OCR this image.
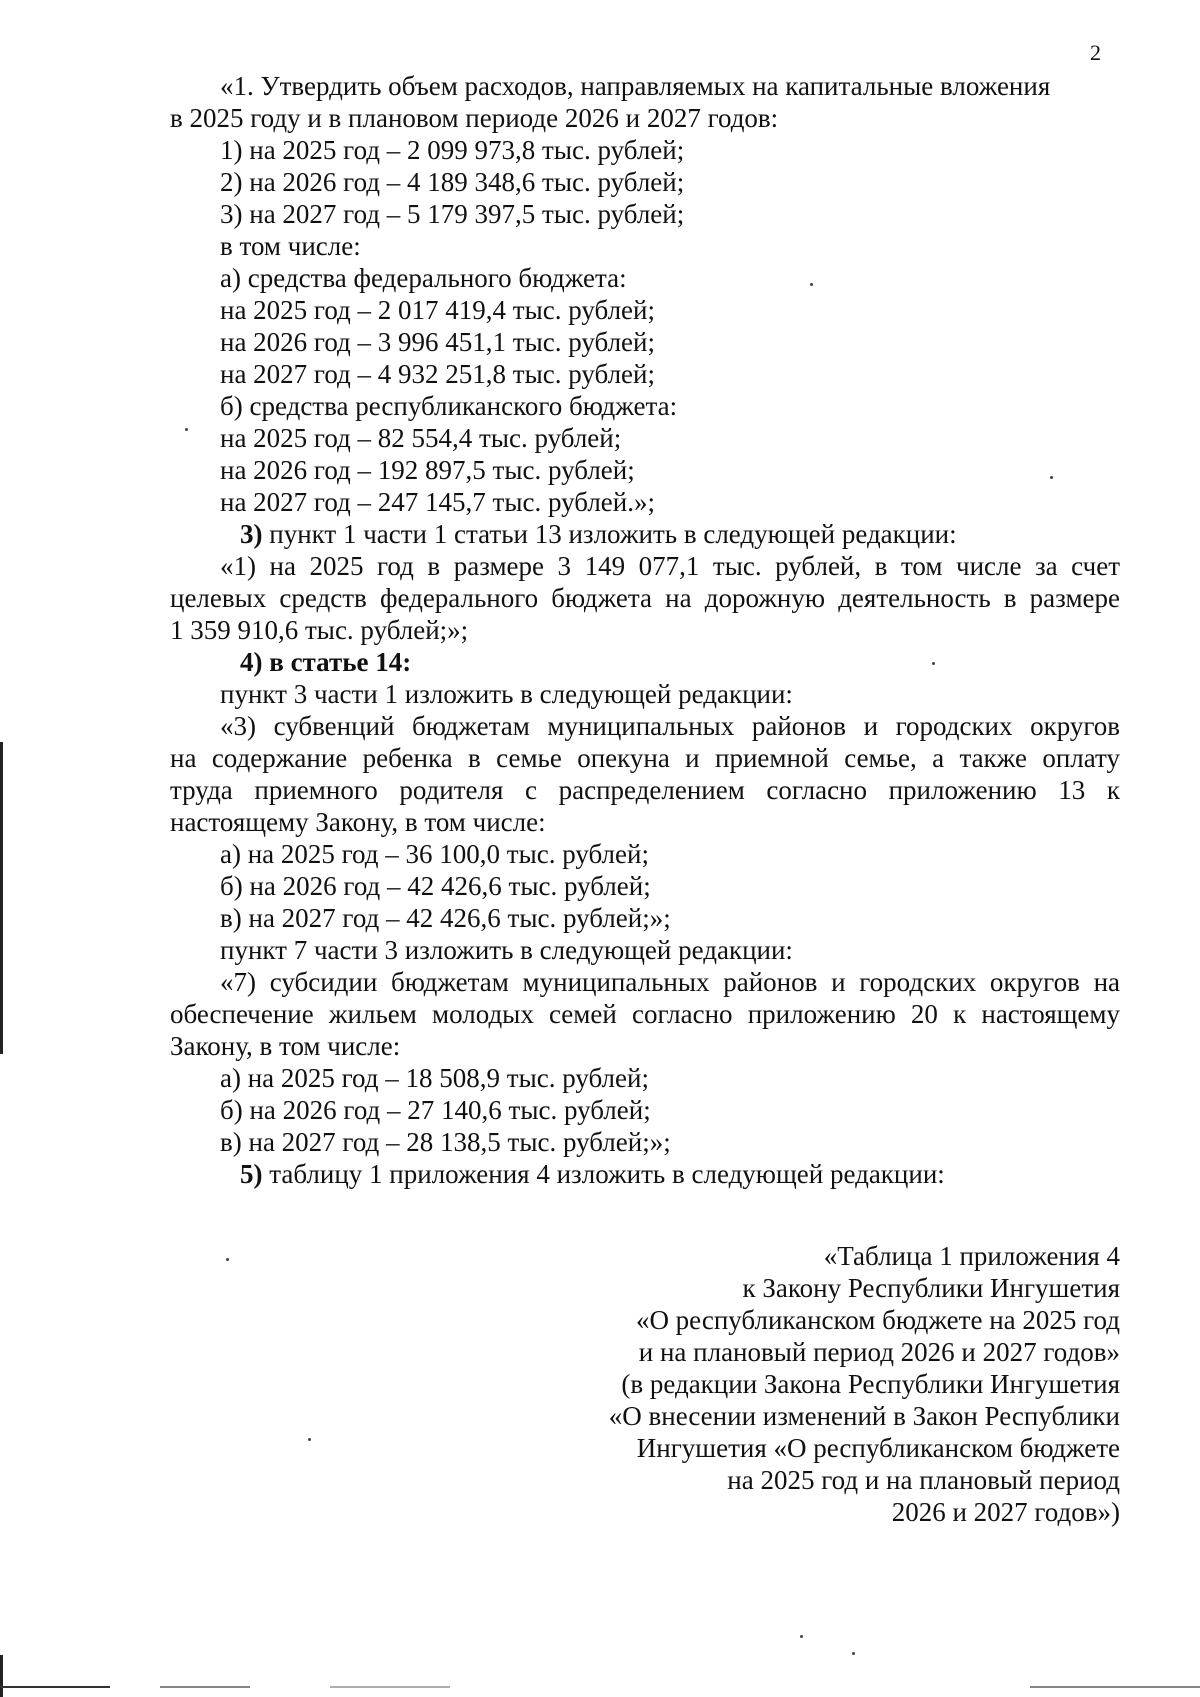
2
«1. Утвердить объем расходов, направляемых на капитальные вложения
в 2025 году и в плановом периоде 2026 и 2027 годов:
1) на 2025 год – 2 099 973,8 тыс. рублей;
2) на 2026 год – 4 189 348,6 тыс. рублей;
3) на 2027 год – 5 179 397,5 тыс. рублей;
в том числе:
а) средства федерального бюджета:
на 2025 год – 2 017 419,4 тыс. рублей;
на 2026 год – 3 996 451,1 тыс. рублей;
на 2027 год – 4 932 251,8 тыс. рублей;
б) средства республиканского бюджета:
на 2025 год – 82 554,4 тыс. рублей;
на 2026 год – 192 897,5 тыс. рублей;
на 2027 год – 247 145,7 тыс. рублей.»;
3) пункт 1 части 1 статьи 13 изложить в следующей редакции:
«1) на 2025 год в размере 3 149 077,1 тыс. рублей, в том числе за счет
целевых средств федерального бюджета на дорожную деятельность в размере
1 359 910,6 тыс. рублей;»;
4) в статье 14:
пункт 3 части 1 изложить в следующей редакции:
«3) субвенций бюджетам муниципальных районов и городских округов
на содержание ребенка в семье опекуна и приемной семье, а также оплату
труда приемного родителя с распределением согласно приложению 13 к
настоящему Закону, в том числе:
а) на 2025 год – 36 100,0 тыс. рублей;
б) на 2026 год – 42 426,6 тыс. рублей;
в) на 2027 год – 42 426,6 тыс. рублей;»;
пункт 7 части 3 изложить в следующей редакции:
«7) субсидии бюджетам муниципальных районов и городских округов на
обеспечение жильем молодых семей согласно приложению 20 к настоящему
Закону, в том числе:
а) на 2025 год – 18 508,9 тыс. рублей;
б) на 2026 год – 27 140,6 тыс. рублей;
в) на 2027 год – 28 138,5 тыс. рублей;»;
5) таблицу 1 приложения 4 изложить в следующей редакции:
«Таблица 1 приложения 4
к Закону Республики Ингушетия
«О республиканском бюджете на 2025 год
и на плановый период 2026 и 2027 годов»
(в редакции Закона Республики Ингушетия
«О внесении изменений в Закон Республики
Ингушетия «О республиканском бюджете
на 2025 год и на плановый период
2026 и 2027 годов»)
